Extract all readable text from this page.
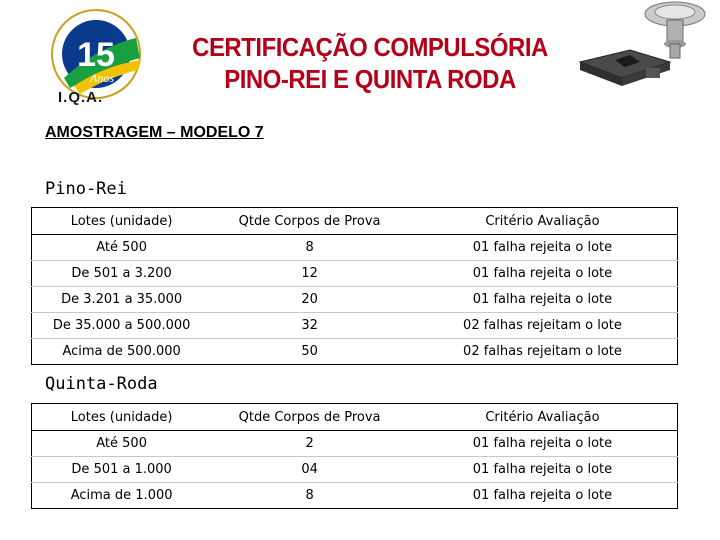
15
Anos
I.Q.A.
CERTIFICAÇÃO COMPULSÓRIA
PINO-REI E QUINTA RODA
AMOSTRAGEM – MODELO 7
Pino-Rei
Lotes (unidade)	Qtde Corpos de Prova	Critério Avaliação
Até 500	8	01 falha rejeita o lote
De 501 a 3.200	12	01 falha rejeita o lote
De 3.201 a 35.000	20	01 falha rejeita o lote
De 35.000 a 500.000	32	02 falhas rejeitam o lote
Acima de 500.000	50	02 falhas rejeitam o lote
Quinta-Roda
Lotes (unidade)	Qtde Corpos de Prova	Critério Avaliação
Até 500	2	01 falha rejeita o lote
De 501 a 1.000	04	01 falha rejeita o lote
Acima de 1.000	8	01 falha rejeita o lote
